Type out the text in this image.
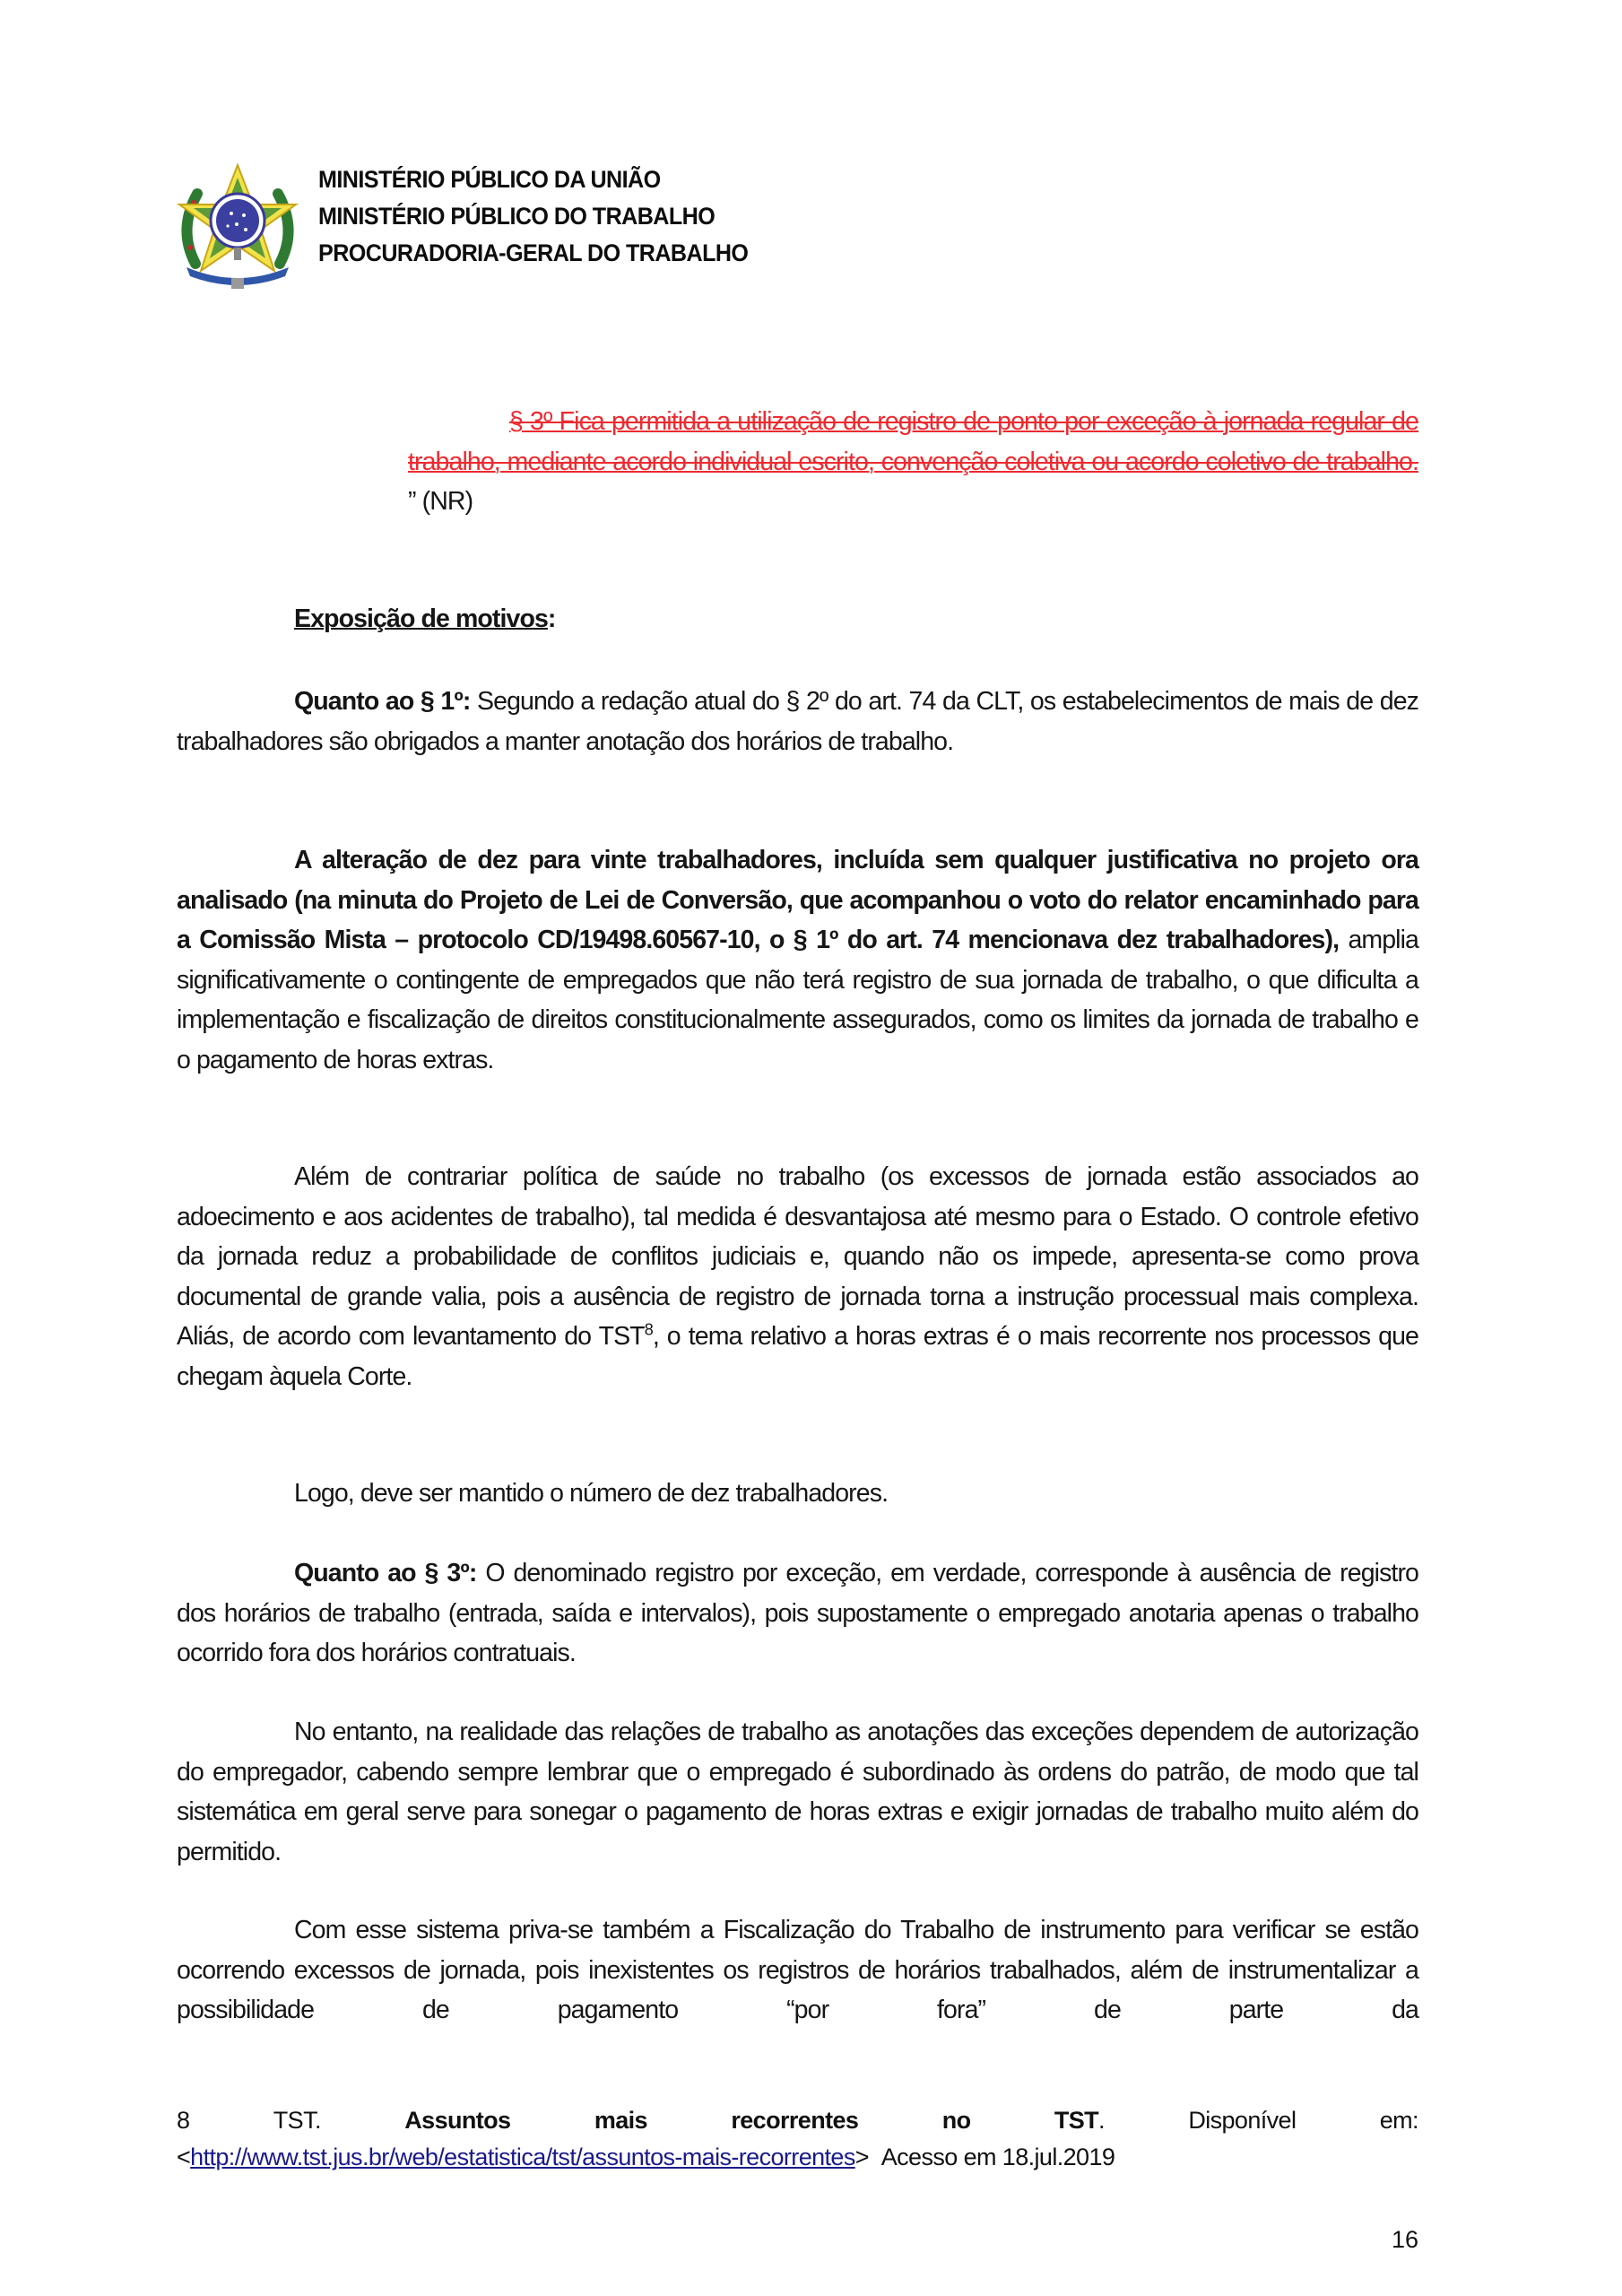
MINISTÉRIO PÚBLICO DA UNIÃO
MINISTÉRIO PÚBLICO DO TRABALHO
PROCURADORIA-GERAL DO TRABALHO

§ 3º Fica permitida a utilização de registro de ponto por exceção à jornada regular de trabalho, mediante acordo individual escrito, convenção coletiva ou acordo coletivo de trabalho. ” (NR)

Exposição de motivos:

Quanto ao § 1º: Segundo a redação atual do § 2º do art. 74 da CLT, os estabelecimentos de mais de dez trabalhadores são obrigados a manter anotação dos horários de trabalho.

A alteração de dez para vinte trabalhadores, incluída sem qualquer justificativa no projeto ora analisado (na minuta do Projeto de Lei de Conversão, que acompanhou o voto do relator encaminhado para a Comissão Mista – protocolo CD/19498.60567-10, o § 1º do art. 74 mencionava dez trabalhadores), amplia significativamente o contingente de empregados que não terá registro de sua jornada de trabalho, o que dificulta a implementação e fiscalização de direitos constitucionalmente assegurados, como os limites da jornada de trabalho e o pagamento de horas extras.

Além de contrariar política de saúde no trabalho (os excessos de jornada estão associados ao adoecimento e aos acidentes de trabalho), tal medida é desvantajosa até mesmo para o Estado. O controle efetivo da jornada reduz a probabilidade de conflitos judiciais e, quando não os impede, apresenta-se como prova documental de grande valia, pois a ausência de registro de jornada torna a instrução processual mais complexa. Aliás, de acordo com levantamento do TST$^8$, o tema relativo a horas extras é o mais recorrente nos processos que chegam àquela Corte.

Logo, deve ser mantido o número de dez trabalhadores.

Quanto ao § 3º: O denominado registro por exceção, em verdade, corresponde à ausência de registro dos horários de trabalho (entrada, saída e intervalos), pois supostamente o empregado anotaria apenas o trabalho ocorrido fora dos horários contratuais.

No entanto, na realidade das relações de trabalho as anotações das exceções dependem de autorização do empregador, cabendo sempre lembrar que o empregado é subordinado às ordens do patrão, de modo que tal sistemática em geral serve para sonegar o pagamento de horas extras e exigir jornadas de trabalho muito além do permitido.

Com esse sistema priva-se também a Fiscalização do Trabalho de instrumento para verificar se estão ocorrendo excessos de jornada, pois inexistentes os registros de horários trabalhados, além de instrumentalizar a possibilidade de pagamento “por fora” de parte da

8	TST.	Assuntos	mais	recorrentes	no	TST.	Disponível	em:
<http://www.tst.jus.br/web/estatistica/tst/assuntos-mais-recorrentes> Acesso em 18.jul.2019
16
